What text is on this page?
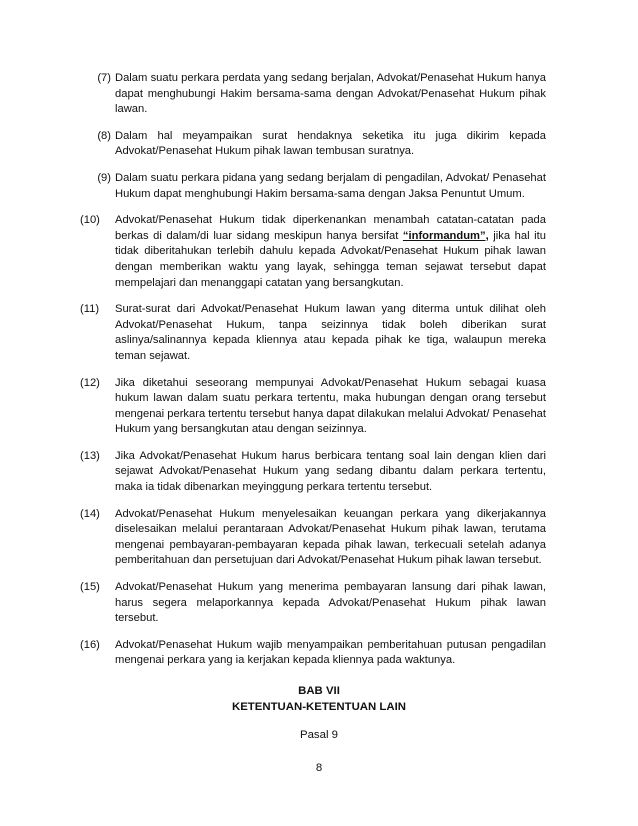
(7) Dalam suatu perkara perdata yang sedang berjalan, Advokat/Penasehat Hukum hanya dapat menghubungi Hakim bersama-sama dengan Advokat/Penasehat Hukum pihak lawan.
(8) Dalam hal meyampaikan surat hendaknya seketika itu juga dikirim kepada Advokat/Penasehat Hukum pihak lawan tembusan suratnya.
(9) Dalam suatu perkara pidana yang sedang berjalam di pengadilan, Advokat/ Penasehat Hukum dapat menghubungi Hakim bersama-sama dengan Jaksa Penuntut Umum.
(10)	Advokat/Penasehat Hukum tidak diperkenankan menambah catatan-catatan pada berkas di dalam/di luar sidang meskipun hanya bersifat “informandum”, jika hal itu tidak diberitahukan terlebih dahulu kepada Advokat/Penasehat Hukum pihak lawan dengan memberikan waktu yang layak, sehingga teman sejawat tersebut dapat mempelajari dan menanggapi catatan yang bersangkutan.
(11)	Surat-surat dari Advokat/Penasehat Hukum lawan yang diterma untuk dilihat oleh Advokat/Penasehat Hukum, tanpa seizinnya tidak boleh diberikan surat aslinya/salinannya kepada kliennya atau kepada pihak ke tiga, walaupun mereka teman sejawat.
(12)	Jika diketahui seseorang mempunyai Advokat/Penasehat Hukum sebagai kuasa hukum lawan dalam suatu perkara tertentu, maka hubungan dengan orang tersebut mengenai perkara tertentu tersebut hanya dapat dilakukan melalui Advokat/ Penasehat Hukum yang bersangkutan atau dengan seizinnya.
(13)	Jika Advokat/Penasehat Hukum harus berbicara tentang soal lain dengan klien dari sejawat Advokat/Penasehat Hukum yang sedang dibantu dalam perkara tertentu, maka ia tidak dibenarkan meyinggung perkara tertentu tersebut.
(14)	Advokat/Penasehat Hukum menyelesaikan keuangan perkara yang dikerjakannya diselesaikan melalui perantaraan Advokat/Penasehat Hukum pihak lawan, terutama mengenai pembayaran-pembayaran kepada pihak lawan, terkecuali setelah adanya pemberitahuan dan persetujuan dari Advokat/Penasehat Hukum pihak lawan tersebut.
(15)	Advokat/Penasehat Hukum yang menerima pembayaran lansung dari pihak lawan, harus segera melaporkannya kepada Advokat/Penasehat Hukum pihak lawan tersebut.
(16)	Advokat/Penasehat Hukum wajib menyampaikan pemberitahuan putusan pengadilan mengenai perkara yang ia kerjakan kepada kliennya pada waktunya.
BAB VII
KETENTUAN-KETENTUAN LAIN
Pasal 9
8
